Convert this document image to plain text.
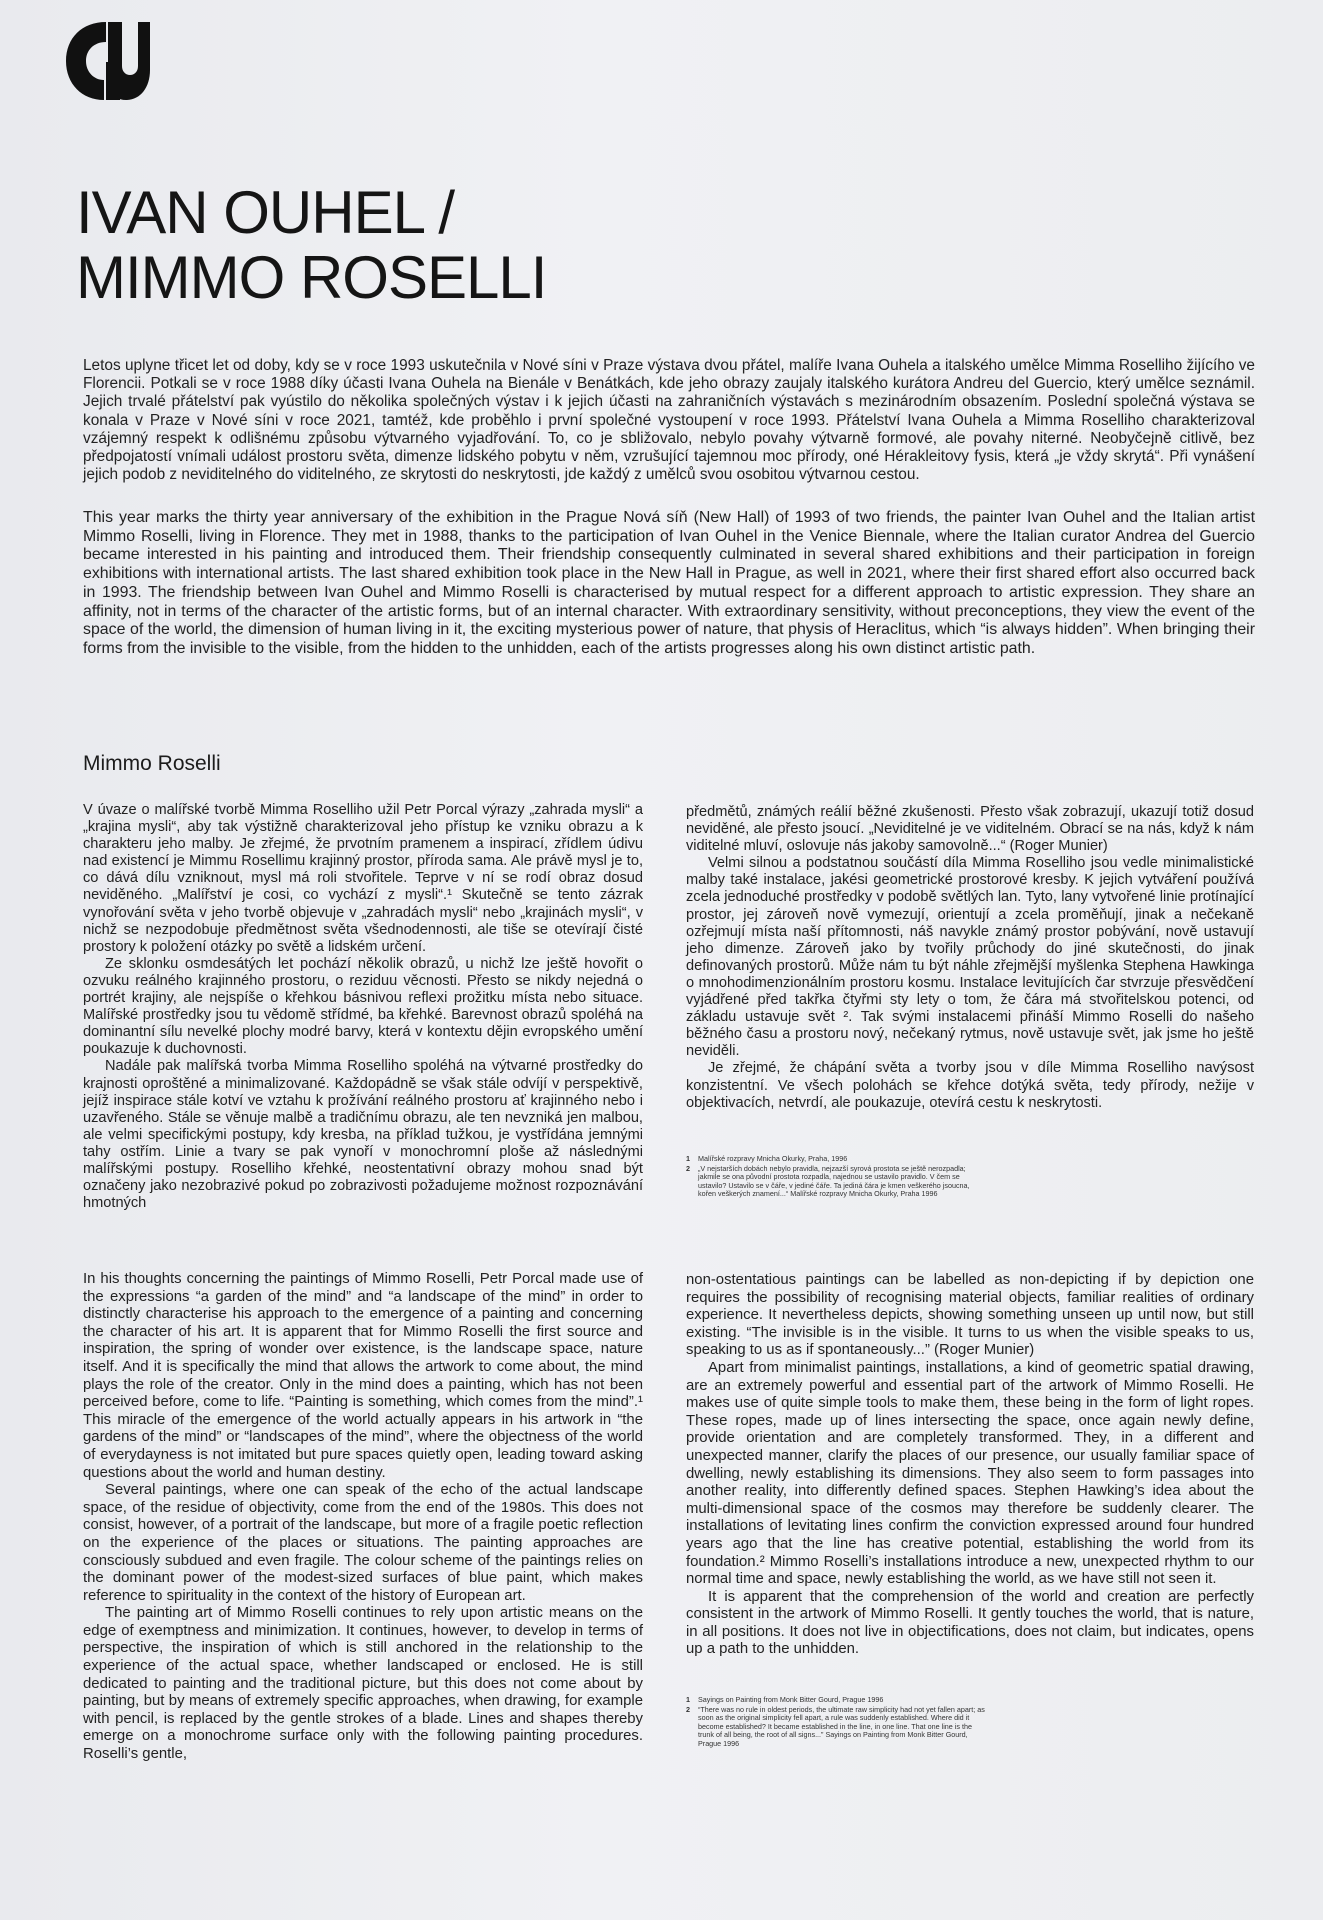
IVAN OUHEL /
MIMMO ROSELLI

Letos uplyne třicet let od doby, kdy se v roce 1993 uskutečnila v Nové síni v Praze výstava dvou přátel, malíře Ivana Ouhela a italského umělce Mimma Roselliho žijícího ve Florencii. Potkali se v roce 1988 díky účasti Ivana Ouhela na Bienále v Benátkách, kde jeho obrazy zaujaly italského kurátora Andreu del Guercio, který umělce seznámil. Jejich trvalé přátelství pak vyústilo do několika společných výstav i k jejich účasti na zahraničních výstavách s mezinárodním obsazením. Poslední společná výstava se konala v Praze v Nové síni v roce 2021, tamtéž, kde proběhlo i první společné vystoupení v roce 1993. Přátelství Ivana Ouhela a Mimma Roselliho charakterizoval vzájemný respekt k odlišnému způsobu výtvarného vyjadřování. To, co je sbližovalo, nebylo povahy výtvarně formové, ale povahy niterné. Neobyčejně citlivě, bez předpojatostí vnímali událost prostoru světa, dimenze lidského pobytu v něm, vzrušující tajemnou moc přírody, oné Hérakleitovy fysis, která „je vždy skrytá“. Při vynášení jejich podob z neviditelného do viditelného, ze skrytosti do neskrytosti, jde každý z umělců svou osobitou výtvarnou cestou.

This year marks the thirty year anniversary of the exhibition in the Prague Nová síň (New Hall) of 1993 of two friends, the painter Ivan Ouhel and the Italian artist Mimmo Roselli, living in Florence. They met in 1988, thanks to the participation of Ivan Ouhel in the Venice Biennale, where the Italian curator Andrea del Guercio became interested in his painting and introduced them. Their friendship consequently culminated in several shared exhibitions and their participation in foreign exhibitions with international artists. The last shared exhibition took place in the New Hall in Prague, as well in 2021, where their first shared effort also occurred back in 1993. The friendship between Ivan Ouhel and Mimmo Roselli is characterised by mutual respect for a different approach to artistic expression. They share an affinity, not in terms of the character of the artistic forms, but of an internal character. With extraordinary sensitivity, without preconceptions, they view the event of the space of the world, the dimension of human living in it, the exciting mysterious power of nature, that physis of Heraclitus, which “is always hidden”. When bringing their forms from the invisible to the visible, from the hidden to the unhidden, each of the artists progresses along his own distinct artistic path.

Mimmo Roselli

V úvaze o malířské tvorbě Mimma Roselliho užil Petr Porcal výrazy „zahrada mysli“ a „krajina mysli“, aby tak výstižně charakterizoval jeho přístup ke vzniku obrazu a k charakteru jeho malby. Je zřejmé, že prvotním pramenem a inspirací, zřídlem údivu nad existencí je Mimmu Rosellimu krajinný prostor, příroda sama. Ale právě mysl je to, co dává dílu vzniknout, mysl má roli stvořitele. Teprve v ní se rodí obraz dosud neviděného. „Malířství je cosi, co vychází z mysli“.¹ Skutečně se tento zázrak vynořování světa v jeho tvorbě objevuje v „zahradách mysli“ nebo „krajinách mysli“, v nichž se nezpodobuje předmětnost světa všednodennosti, ale tiše se otevírají čisté prostory k položení otázky po světě a lidském určení.

Ze sklonku osmdesátých let pochází několik obrazů, u nichž lze ještě hovořit o ozvuku reálného krajinného prostoru, o reziduu věcnosti. Přesto se nikdy nejedná o portrét krajiny, ale nejspíše o křehkou básnivou reflexi prožitku místa nebo situace. Malířské prostředky jsou tu vědomě střídmé, ba křehké. Barevnost obrazů spoléhá na dominantní sílu nevelké plochy modré barvy, která v kontextu dějin evropského umění poukazuje k duchovnosti.

Nadále pak malířská tvorba Mimma Roselliho spoléhá na výtvarné prostředky do krajnosti oproštěné a minimalizované. Každopádně se však stále odvíjí v perspektivě, jejíž inspirace stále kotví ve vztahu k prožívání reálného prostoru ať krajinného nebo i uzavřeného. Stále se věnuje malbě a tradičnímu obrazu, ale ten nevzniká jen malbou, ale velmi specifickými postupy, kdy kresba, na příklad tužkou, je vystřídána jemnými tahy ostřím. Linie a tvary se pak vynoří v monochromní ploše až následnými malířskými postupy. Roselliho křehké, neostentativní obrazy mohou snad být označeny jako nezobrazivé pokud po zobrazivosti požadujeme možnost rozpoznávání hmotných

předmětů, známých reálií běžné zkušenosti. Přesto však zobrazují, ukazují totiž dosud neviděné, ale přesto jsoucí. „Neviditelné je ve viditelném. Obrací se na nás, když k nám viditelné mluví, oslovuje nás jakoby samovolně...“ (Roger Munier)

Velmi silnou a podstatnou součástí díla Mimma Roselliho jsou vedle minimalistické malby také instalace, jakési geometrické prostorové kresby. K jejich vytváření používá zcela jednoduché prostředky v podobě světlých lan. Tyto, lany vytvořené linie protínající prostor, jej zároveň nově vymezují, orientují a zcela proměňují, jinak a nečekaně ozřejmují místa naší přítomnosti, náš navykle známý prostor pobývání, nově ustavují jeho dimenze. Zároveň jako by tvořily průchody do jiné skutečnosti, do jinak definovaných prostorů. Může nám tu být náhle zřejmější myšlenka Stephena Hawkinga o mnohodimenzionálním prostoru kosmu. Instalace levitujících čar stvrzuje přesvědčení vyjádřené před takřka čtyřmi sty lety o tom, že čára má stvořitelskou potenci, od základu ustavuje svět ². Tak svými instalacemi přináší Mimmo Roselli do našeho běžného času a prostoru nový, nečekaný rytmus, nově ustavuje svět, jak jsme ho ještě neviděli.

Je zřejmé, že chápání světa a tvorby jsou v díle Mimma Roselliho navýsost konzistentní. Ve všech polohách se křehce dotýká světa, tedy přírody, nežije v objektivacích, netvrdí, ale poukazuje, otevírá cestu k neskrytosti.

1	Malířské rozpravy Mnicha Okurky, Praha, 1996
2	„V nejstarších dobách nebylo pravidla, nejzazší syrová prostota se ještě nerozpadla; jakmile se ona původní prostota rozpadla, najednou se ustavilo pravidlo. V čem se ustavilo? Ustavilo se v čáře, v jediné čáře. Ta jediná čára je kmen veškerého jsoucna, kořen veškerých znamení...“ Malířské rozpravy Mnicha Okurky, Praha 1996

In his thoughts concerning the paintings of Mimmo Roselli, Petr Porcal made use of the expressions “a garden of the mind” and “a landscape of the mind” in order to distinctly characterise his approach to the emergence of a painting and concerning the character of his art. It is apparent that for Mimmo Roselli the first source and inspiration, the spring of wonder over existence, is the landscape space, nature itself. And it is specifically the mind that allows the artwork to come about, the mind plays the role of the creator. Only in the mind does a painting, which has not been perceived before, come to life. “Painting is something, which comes from the mind”.¹ This miracle of the emergence of the world actually appears in his artwork in “the gardens of the mind” or “landscapes of the mind”, where the objectness of the world of everydayness is not imitated but pure spaces quietly open, leading toward asking questions about the world and human destiny.

Several paintings, where one can speak of the echo of the actual landscape space, of the residue of objectivity, come from the end of the 1980s. This does not consist, however, of a portrait of the landscape, but more of a fragile poetic reflection on the experience of the places or situations. The painting approaches are consciously subdued and even fragile. The colour scheme of the paintings relies on the dominant power of the modest-sized surfaces of blue paint, which makes reference to spirituality in the context of the history of European art.

The painting art of Mimmo Roselli continues to rely upon artistic means on the edge of exemptness and minimization. It continues, however, to develop in terms of perspective, the inspiration of which is still anchored in the relationship to the experience of the actual space, whether landscaped or enclosed. He is still dedicated to painting and the traditional picture, but this does not come about by painting, but by means of extremely specific approaches, when drawing, for example with pencil, is replaced by the gentle strokes of a blade. Lines and shapes thereby emerge on a monochrome surface only with the following painting procedures. Roselli’s gentle,

non-ostentatious paintings can be labelled as non-depicting if by depiction one requires the possibility of recognising material objects, familiar realities of ordinary experience. It nevertheless depicts, showing something unseen up until now, but still existing. “The invisible is in the visible. It turns to us when the visible speaks to us, speaking to us as if spontaneously...” (Roger Munier)

Apart from minimalist paintings, installations, a kind of geometric spatial drawing, are an extremely powerful and essential part of the artwork of Mimmo Roselli. He makes use of quite simple tools to make them, these being in the form of light ropes. These ropes, made up of lines intersecting the space, once again newly define, provide orientation and are completely transformed. They, in a different and unexpected manner, clarify the places of our presence, our usually familiar space of dwelling, newly establishing its dimensions. They also seem to form passages into another reality, into differently defined spaces. Stephen Hawking’s idea about the multi-dimensional space of the cosmos may therefore be suddenly clearer. The installations of levitating lines confirm the conviction expressed around four hundred years ago that the line has creative potential, establishing the world from its foundation.² Mimmo Roselli’s installations introduce a new, unexpected rhythm to our normal time and space, newly establishing the world, as we have still not seen it.

It is apparent that the comprehension of the world and creation are perfectly consistent in the artwork of Mimmo Roselli. It gently touches the world, that is nature, in all positions. It does not live in objectifications, does not claim, but indicates, opens up a path to the unhidden.

1	Sayings on Painting from Monk Bitter Gourd, Prague 1996
2	“There was no rule in oldest periods, the ultimate raw simplicity had not yet fallen apart; as soon as the original simplicity fell apart, a rule was suddenly established. Where did it become established? It became established in the line, in one line. That one line is the trunk of all being, the root of all signs...” Sayings on Painting from Monk Bitter Gourd, Prague 1996
